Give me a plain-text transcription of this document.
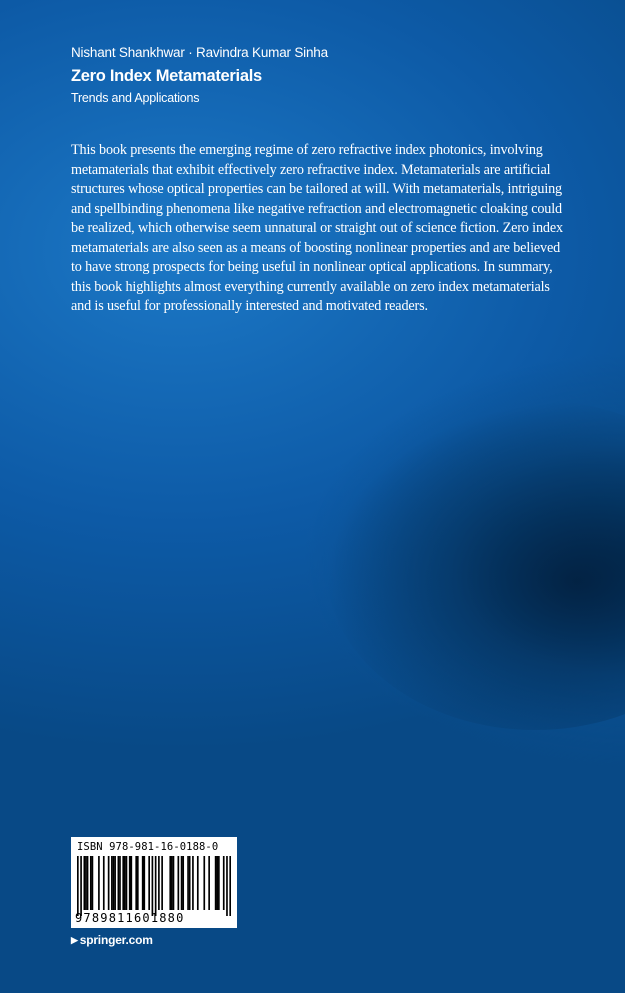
Nishant Shankhwar · Ravindra Kumar Sinha
Zero Index Metamaterials
Trends and Applications

This book presents the emerging regime of zero refractive index photonics, involving metamaterials that exhibit effectively zero refractive index. Metamaterials are artificial structures whose optical properties can be tailored at will. With metamaterials, intriguing and spellbinding phenomena like negative refraction and electromagnetic cloaking could be realized, which otherwise seem unnatural or straight out of science fiction. Zero index metamaterials are also seen as a means of boosting nonlinear properties and are believed to have strong prospects for being useful in nonlinear optical applications. In summary, this book highlights almost everything currently available on zero index metamaterials and is useful for professionally interested and motivated readers.

ISBN 978-981-16-0188-0
9789811601880
▶ springer.com
